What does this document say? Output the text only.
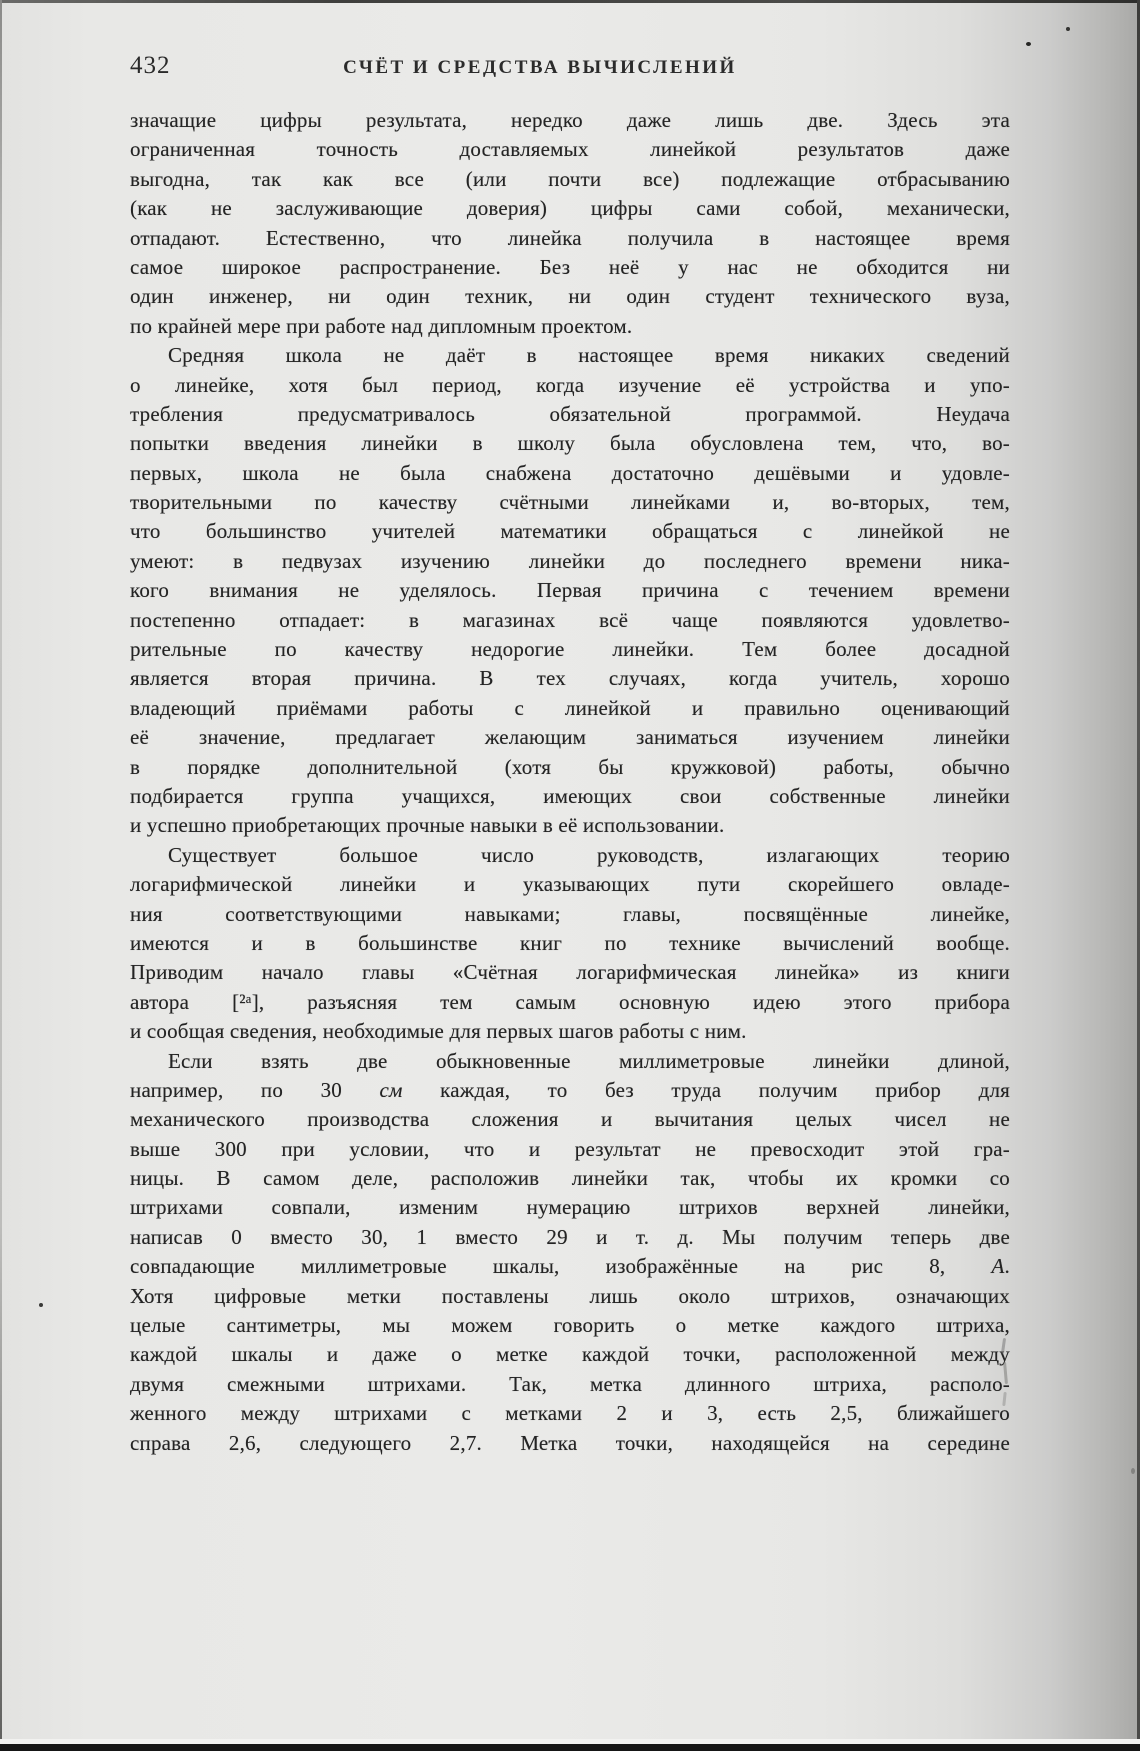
432	СЧЁТ И СРЕДСТВА ВЫЧИСЛЕНИЙ
значащие цифры результата, нередко даже лишь две. Здесь эта
ограниченная точность доставляемых линейкой результатов даже
выгодна, так как все (или почти все) подлежащие отбрасыванию
(как не заслуживающие доверия) цифры сами собой, механически,
отпадают. Естественно, что линейка получила в настоящее время
самое широкое распространение. Без неё у нас не обходится ни
один инженер, ни один техник, ни один студент технического вуза,
по крайней мере при работе над дипломным проектом.
Средняя школа не даёт в настоящее время никаких сведений
о линейке, хотя был период, когда изучение её устройства и упо-
требления предусматривалось обязательной программой. Неудача
попытки введения линейки в школу была обусловлена тем, что, во-
первых, школа не была снабжена достаточно дешёвыми и удовле-
творительными по качеству счётными линейками и, во-вторых, тем,
что большинство учителей математики обращаться с линейкой не
умеют: в педвузах изучению линейки до последнего времени ника-
кого внимания не уделялось. Первая причина с течением времени
постепенно отпадает: в магазинах всё чаще появляются удовлетво-
рительные по качеству недорогие линейки. Тем более досадной
является вторая причина. В тех случаях, когда учитель, хорошо
владеющий приёмами работы с линейкой и правильно оценивающий
её значение, предлагает желающим заниматься изучением линейки
в порядке дополнительной (хотя бы кружковой) работы, обычно
подбирается группа учащихся, имеющих свои собственные линейки
и успешно приобретающих прочные навыки в её использовании.
Существует большое число руководств, излагающих теорию
логарифмической линейки и указывающих пути скорейшего овладе-
ния соответствующими навыками; главы, посвящённые линейке,
имеются и в большинстве книг по технике вычислений вообще.
Приводим начало главы «Счётная логарифмическая линейка» из книги
автора [²ᵃ], разъясняя тем самым основную идею этого прибора
и сообщая сведения, необходимые для первых шагов работы с ним.
Если взять две обыкновенные миллиметровые линейки длиной,
например, по 30 см каждая, то без труда получим прибор для
механического производства сложения и вычитания целых чисел не
выше 300 при условии, что и результат не превосходит этой гра-
ницы. В самом деле, расположив линейки так, чтобы их кромки со
штрихами совпали, изменим нумерацию штрихов верхней линейки,
написав 0 вместо 30, 1 вместо 29 и т. д. Мы получим теперь две
совпадающие миллиметровые шкалы, изображённые на рис 8, А.
Хотя цифровые метки поставлены лишь около штрихов, означающих
целые сантиметры, мы можем говорить о метке каждого штриха,
каждой шкалы и даже о метке каждой точки, расположенной между
двумя смежными штрихами. Так, метка длинного штриха, располо-
женного между штрихами с метками 2 и 3, есть 2,5, ближайшего
справа 2,6, следующего 2,7. Метка точки, находящейся на середине
